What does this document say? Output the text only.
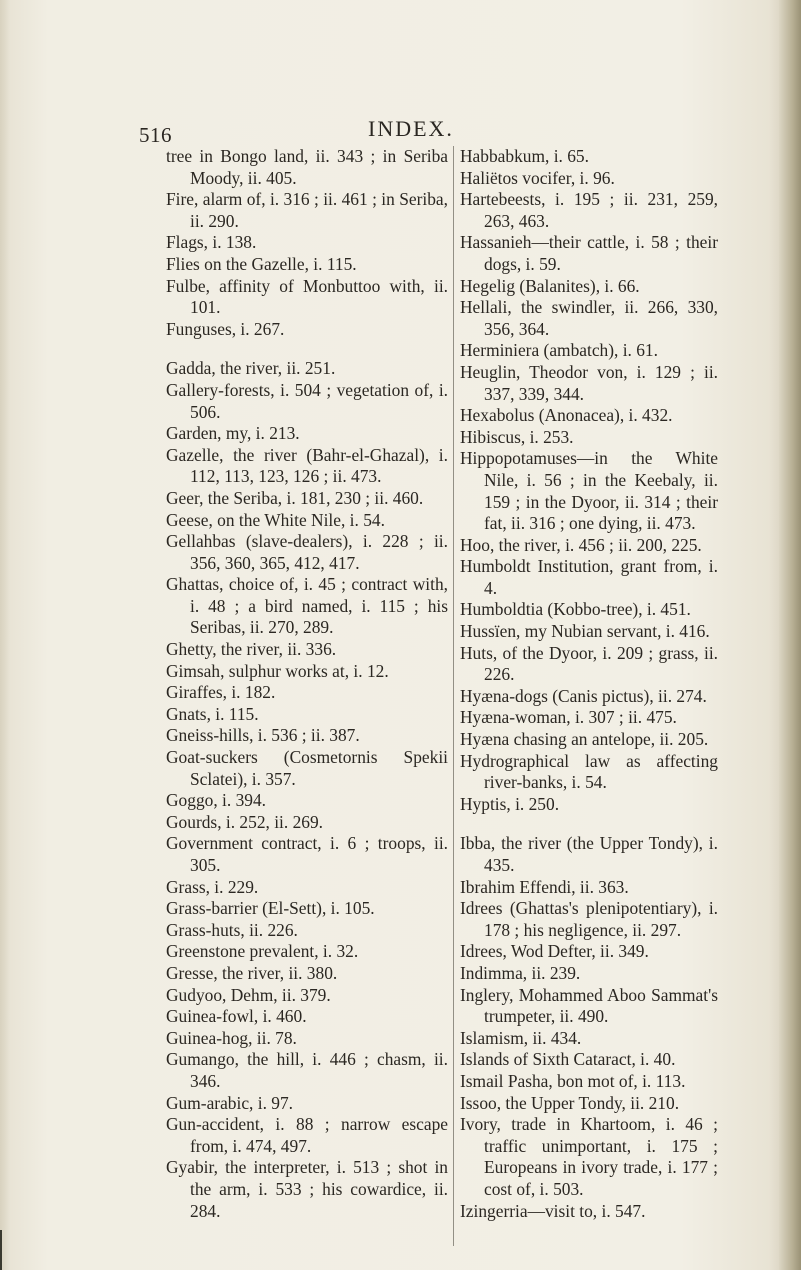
516	INDEX.

tree in Bongo land, ii. 343 ; in Seriba Moody, ii. 405.

Fire, alarm of, i. 316 ; ii. 461 ; in Seriba, ii. 290.

Flags, i. 138.

Flies on the Gazelle, i. 115.

Fulbe, affinity of Monbuttoo with, ii. 101.

Funguses, i. 267.

Gadda, the river, ii. 251.

Gallery-forests, i. 504 ; vegetation of, i. 506.

Garden, my, i. 213.

Gazelle, the river (Bahr-el-Ghazal), i. 112, 113, 123, 126 ; ii. 473.

Geer, the Seriba, i. 181, 230 ; ii. 460.

Geese, on the White Nile, i. 54.

Gellahbas (slave-dealers), i. 228 ; ii. 356, 360, 365, 412, 417.

Ghattas, choice of, i. 45 ; contract with, i. 48 ; a bird named, i. 115 ; his Seribas, ii. 270, 289.

Ghetty, the river, ii. 336.

Gimsah, sulphur works at, i. 12.

Giraffes, i. 182.

Gnats, i. 115.

Gneiss-hills, i. 536 ; ii. 387.

Goat-suckers (Cosmetornis Spekii Sclatei), i. 357.

Goggo, i. 394.

Gourds, i. 252, ii. 269.

Government contract, i. 6 ; troops, ii. 305.

Grass, i. 229.

Grass-barrier (El-Sett), i. 105.

Grass-huts, ii. 226.

Greenstone prevalent, i. 32.

Gresse, the river, ii. 380.

Gudyoo, Dehm, ii. 379.

Guinea-fowl, i. 460.

Guinea-hog, ii. 78.

Gumango, the hill, i. 446 ; chasm, ii. 346.

Gum-arabic, i. 97.

Gun-accident, i. 88 ; narrow escape from, i. 474, 497.

Gyabir, the interpreter, i. 513 ; shot in the arm, i. 533 ; his cowardice, ii. 284.

Habbabkum, i. 65.

Haliëtos vocifer, i. 96.

Hartebeests, i. 195 ; ii. 231, 259, 263, 463.

Hassanieh—their cattle, i. 58 ; their dogs, i. 59.

Hegelig (Balanites), i. 66.

Hellali, the swindler, ii. 266, 330, 356, 364.

Herminiera (ambatch), i. 61.

Heuglin, Theodor von, i. 129 ; ii. 337, 339, 344.

Hexabolus (Anonacea), i. 432.

Hibiscus, i. 253.

Hippopotamuses—in the White Nile, i. 56 ; in the Keebaly, ii. 159 ; in the Dyoor, ii. 314 ; their fat, ii. 316 ; one dying, ii. 473.

Hoo, the river, i. 456 ; ii. 200, 225.

Humboldt Institution, grant from, i. 4.

Humboldtia (Kobbo-tree), i. 451.

Hussïen, my Nubian servant, i. 416.

Huts, of the Dyoor, i. 209 ; grass, ii. 226.

Hyæna-dogs (Canis pictus), ii. 274.

Hyæna-woman, i. 307 ; ii. 475.

Hyæna chasing an antelope, ii. 205.

Hydrographical law as affecting river-banks, i. 54.

Hyptis, i. 250.

Ibba, the river (the Upper Tondy), i. 435.

Ibrahim Effendi, ii. 363.

Idrees (Ghattas's plenipotentiary), i. 178 ; his negligence, ii. 297.

Idrees, Wod Defter, ii. 349.

Indimma, ii. 239.

Inglery, Mohammed Aboo Sammat's trumpeter, ii. 490.

Islamism, ii. 434.

Islands of Sixth Cataract, i. 40.

Ismail Pasha, bon mot of, i. 113.

Issoo, the Upper Tondy, ii. 210.

Ivory, trade in Khartoom, i. 46 ; traffic unimportant, i. 175 ; Europeans in ivory trade, i. 177 ; cost of, i. 503.

Izingerria—visit to, i. 547.
